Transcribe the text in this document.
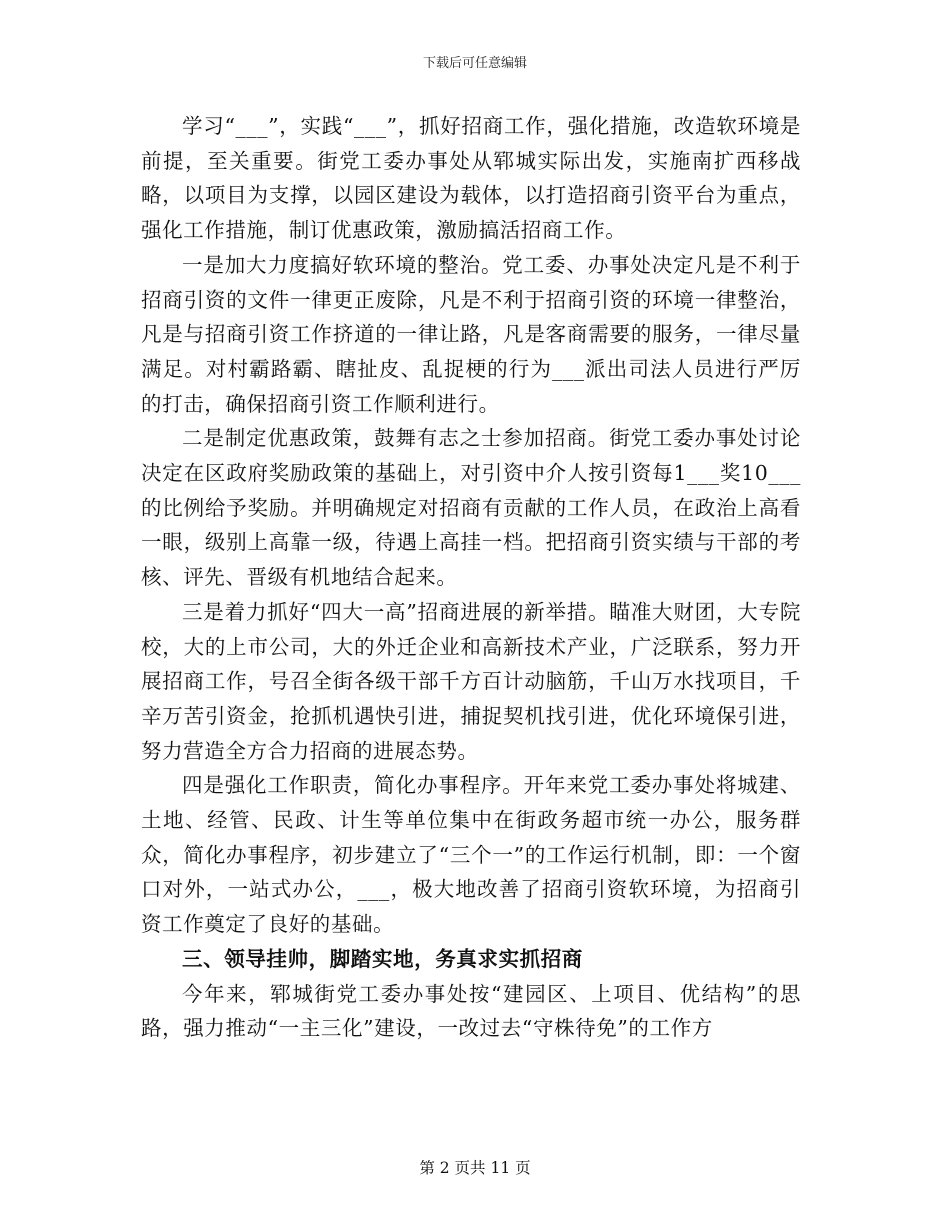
下载后可任意编辑

学习“___”，实践“___”，抓好招商工作，强化措施，改造软环境是前提，至关重要。街党工委办事处从郓城实际出发，实施南扩西移战略，以项目为支撑，以园区建设为载体，以打造招商引资平台为重点，强化工作措施，制订优惠政策，激励搞活招商工作。

一是加大力度搞好软环境的整治。党工委、办事处决定凡是不利于招商引资的文件一律更正废除，凡是不利于招商引资的环境一律整治，凡是与招商引资工作挤道的一律让路，凡是客商需要的服务，一律尽量满足。对村霸路霸、瞎扯皮、乱捉梗的行为___派出司法人员进行严厉的打击，确保招商引资工作顺利进行。

二是制定优惠政策，鼓舞有志之士参加招商。街党工委办事处讨论决定在区政府奖励政策的基础上，对引资中介人按引资每1___奖10___的比例给予奖励。并明确规定对招商有贡献的工作人员，在政治上高看一眼，级别上高靠一级，待遇上高挂一档。把招商引资实绩与干部的考核、评先、晋级有机地结合起来。

三是着力抓好“四大一高”招商进展的新举措。瞄准大财团，大专院校，大的上市公司，大的外迁企业和高新技术产业，广泛联系，努力开展招商工作，号召全街各级干部千方百计动脑筋，千山万水找项目，千辛万苦引资金，抢抓机遇快引进，捕捉契机找引进，优化环境保引进，努力营造全方合力招商的进展态势。

四是强化工作职责，简化办事程序。开年来党工委办事处将城建、土地、经管、民政、计生等单位集中在街政务超市统一办公，服务群众，简化办事程序，初步建立了“三个一”的工作运行机制，即：一个窗口对外，一站式办公，___，极大地改善了招商引资软环境，为招商引资工作奠定了良好的基础。

三、领导挂帅，脚踏实地，务真求实抓招商

今年来，郓城街党工委办事处按“建园区、上项目、优结构”的思路，强力推动“一主三化”建设，一改过去“守株待免”的工作方

第 2 页共 11 页
